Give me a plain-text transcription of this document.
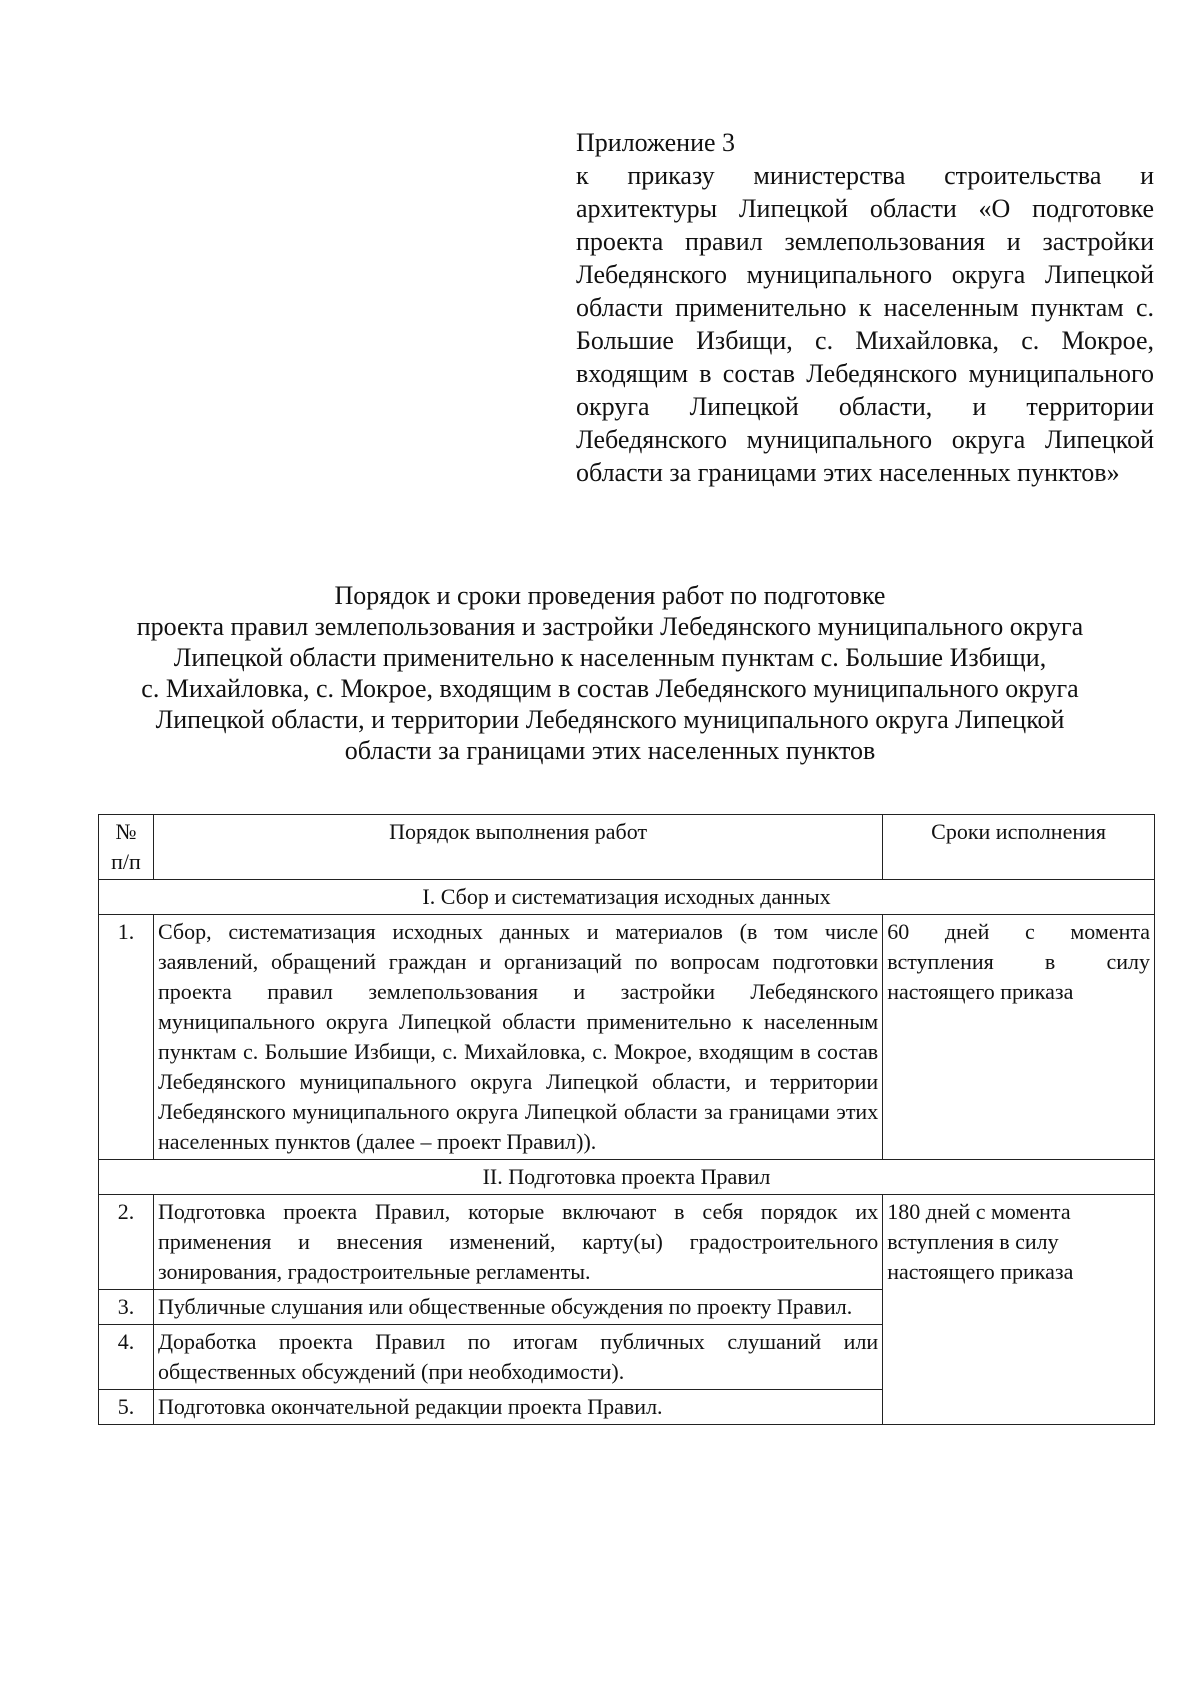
Приложение 3

к приказу министерства строительства и архитектуры Липецкой области «О подготовке проекта правил землепользования и застройки Лебедянского муниципального округа Липецкой области применительно к населенным пунктам с. Большие Избищи, с. Михайловка, с. Мокрое, входящим в состав Лебедянского муниципального округа Липецкой области, и территории Лебедянского муниципального округа Липецкой области за границами этих населенных пунктов»

Порядок и сроки проведения работ по подготовке
проекта правил землепользования и застройки Лебедянского муниципального округа
Липецкой области применительно к населенным пунктам с. Большие Избищи,
с. Михайловка, с. Мокрое, входящим в состав Лебедянского муниципального округа
Липецкой области, и территории Лебедянского муниципального округа Липецкой
области за границами этих населенных пунктов
№
п/п	Порядок выполнения работ	Сроки исполнения
I. Сбор и систематизация исходных данных		
1.	Сбор, систематизация исходных данных и материалов (в том числе заявлений, обращений граждан и организаций по вопросам подготовки проекта правил землепользования и застройки Лебедянского муниципального округа Липецкой области применительно к населенным пунктам с. Большие Избищи, с. Михайловка, с. Мокрое, входящим в состав Лебедянского муниципального округа Липецкой области, и территории Лебедянского муниципального округа Липецкой области за границами этих населенных пунктов (далее – проект Правил)).	60 дней с момента вступления в силу настоящего приказа
II. Подготовка проекта Правил		
2.	Подготовка проекта Правил, которые включают в себя порядок их применения и внесения изменений, карту(ы) градостроительного зонирования, градостроительные регламенты.	180 дней с момента вступления в силу настоящего приказа
3.	Публичные слушания или общественные обсуждения по проекту Правил.	
4.	Доработка проекта Правил по итогам публичных слушаний или общественных обсуждений (при необходимости).	
5.	Подготовка окончательной редакции проекта Правил.	
